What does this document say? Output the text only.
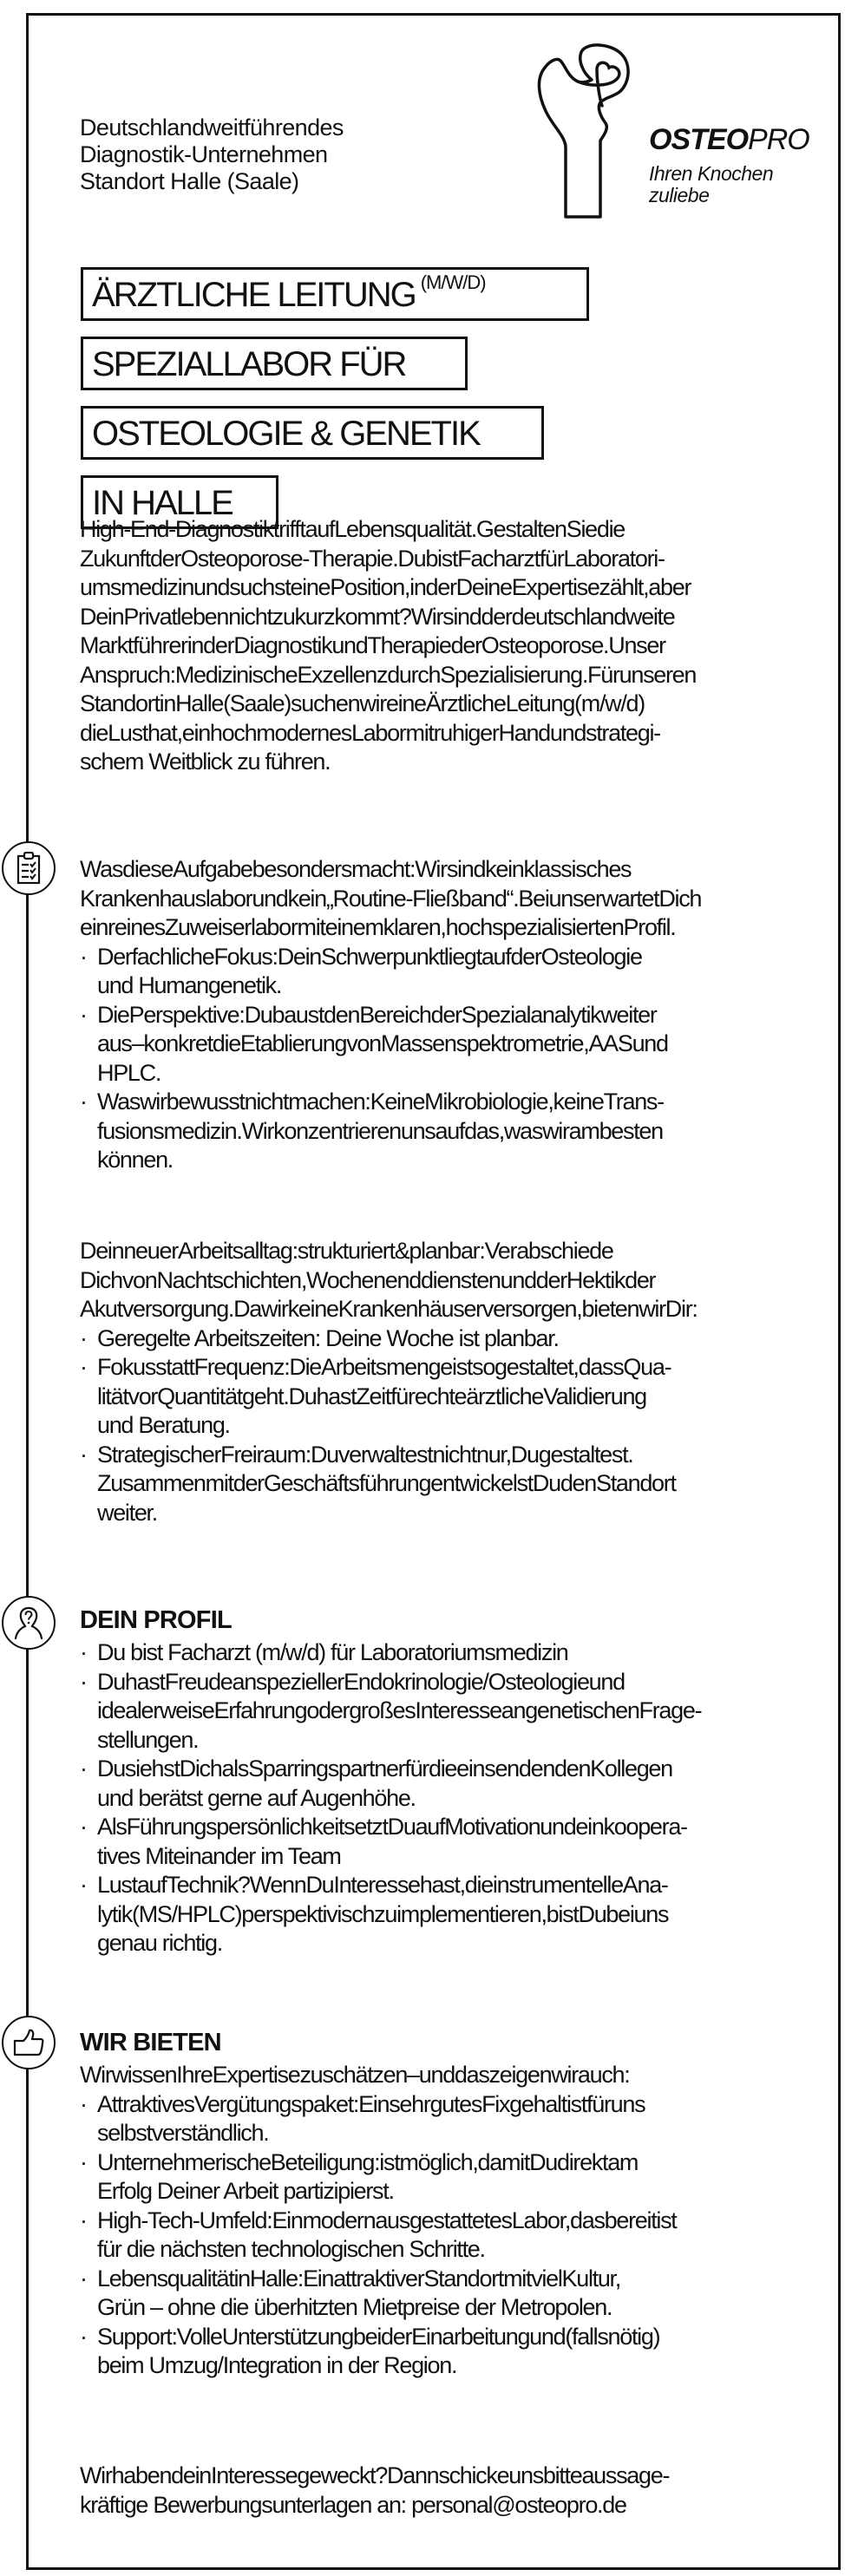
Deutschlandweitführendes
Diagnostik-Unternehmen
Standort Halle (Saale)
OSTEOPRO
Ihren Knochen
zuliebe
ÄRZTLICHE LEITUNG $^{(M/W/D)}$
SPEZIALLABOR FÜR
OSTEOLOGIE & GENETIK
IN HALLE
High-End-DiagnostiktrifftaufLebensqualität.GestaltenSiedie
ZukunftderOsteoporose-Therapie.DubistFacharztfürLaboratori-
umsmedizinundsuchsteinePosition,inderDeineExpertisezählt,aber
DeinPrivatlebennichtzukurzkommt?Wirsindderdeutschlandweite
MarktführerinderDiagnostikundTherapiederOsteoporose.Unser
Anspruch:MedizinischeExzellenzdurchSpezialisierung.Fürunseren
StandortinHalle(Saale)suchenwireineÄrztlicheLeitung(m/w/d)
dieLusthat,einhochmodernesLabormitruhigerHandundstrategi-
schem Weitblick zu führen.
WasdieseAufgabebesondersmacht:Wirsindkeinklassisches
Krankenhauslaborundkein„Routine-Fließband“.BeiunserwartetDich
einreinesZuweiserlabormiteinemklaren,hochspezialisiertenProfil.
· DerfachlicheFokus:DeinSchwerpunktliegtaufderOsteologie
und Humangenetik.
· DiePerspektive:DubaustdenBereichderSpezialanalytikweiter
aus–konkretdieEtablierungvonMassenspektrometrie,AASund
HPLC.
· Waswirbewusstnichtmachen:KeineMikrobiologie,keineTrans-
fusionsmedizin.Wirkonzentrierenunsaufdas,waswirambesten
können.
DeinneuerArbeitsalltag:strukturiert&planbar:Verabschiede
DichvonNachtschichten,WochenenddienstenundderHektikder
Akutversorgung.DawirkeineKrankenhäuserversorgen,bietenwirDir:
· Geregelte Arbeitszeiten: Deine Woche ist planbar.
· FokusstattFrequenz:DieArbeitsmengeistsogestaltet,dassQua-
litätvorQuantitätgeht.DuhastZeitfürechteärztlicheValidierung
und Beratung.
· StrategischerFreiraum:Duverwaltestnichtnur,Dugestaltest.
ZusammenmitderGeschäftsführungentwickelstDudenStandort
weiter.
DEIN PROFIL
· Du bist Facharzt (m/w/d) für Laboratoriumsmedizin
· DuhastFreudeanspeziellerEndokrinologie/Osteologieund
idealerweiseErfahrungodergroßesInteresseangenetischenFrage-
stellungen.
· DusiehstDichalsSparringspartnerfürdieeinsendendenKollegen
und berätst gerne auf Augenhöhe.
· AlsFührungspersönlichkeitsetztDuaufMotivationundeinkoopera-
tives Miteinander im Team
· LustaufTechnik?WennDuInteressehast,dieinstrumentelleAna-
lytik(MS/HPLC)perspektivischzuimplementieren,bistDubeiuns
genau richtig.
WIR BIETEN
WirwissenIhreExpertisezuschätzen–unddaszeigenwirauch:
· AttraktivesVergütungspaket:EinsehrgutesFixgehaltistfüruns
selbstverständlich.
· UnternehmerischeBeteiligung:istmöglich,damitDudirektam
Erfolg Deiner Arbeit partizipierst.
· High-Tech-Umfeld:EinmodernausgestattetesLabor,dasbereitist
für die nächsten technologischen Schritte.
· LebensqualitätinHalle:EinattraktiverStandortmitvielKultur,
Grün – ohne die überhitzten Mietpreise der Metropolen.
· Support:VolleUnterstützungbeiderEinarbeitungund(fallsnötig)
beim Umzug/Integration in der Region.
WirhabendeinInteressegeweckt?Dannschickeunsbitteaussage-
kräftige Bewerbungsunterlagen an: personal@osteopro.de
